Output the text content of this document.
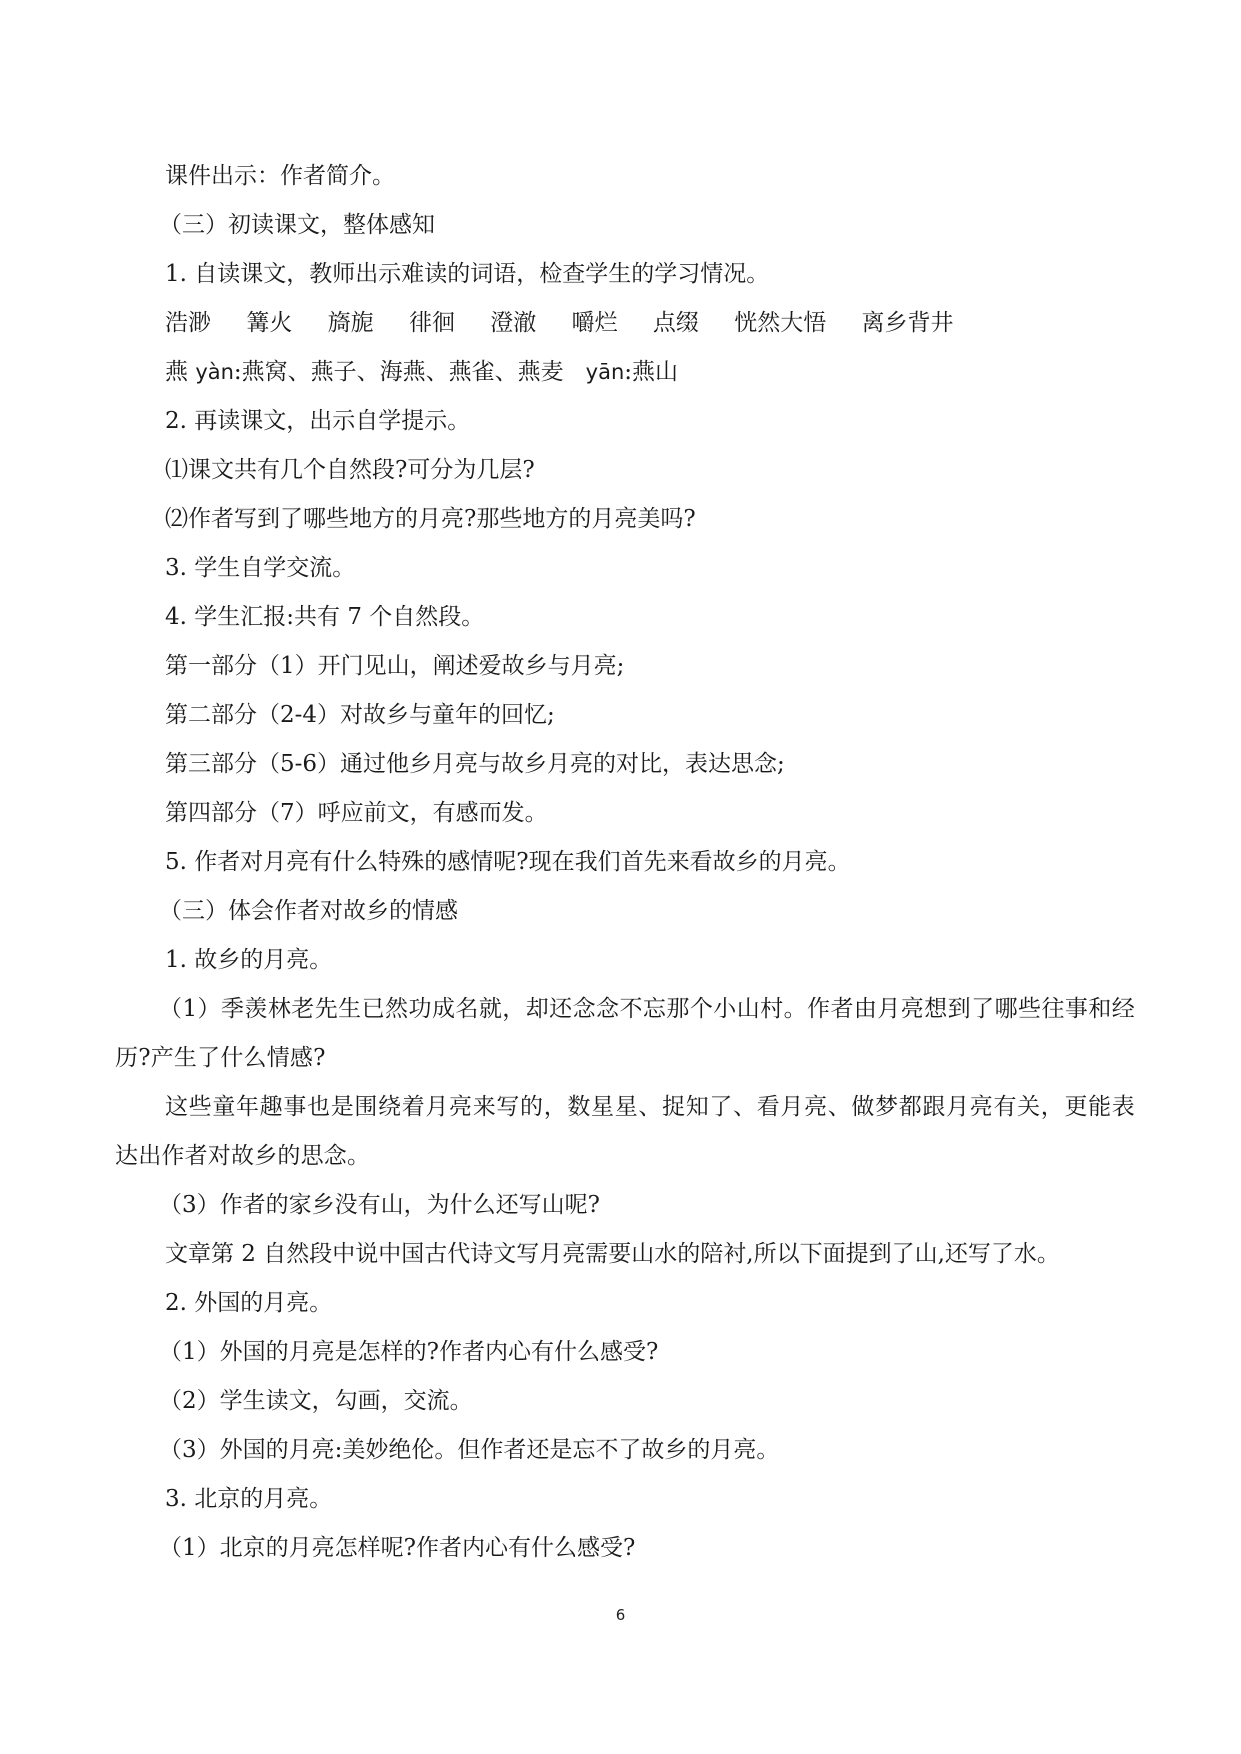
课件出示：作者简介。
（三）初读课文，整体感知
1. 自读课文，教师出示难读的词语，检查学生的学习情况。
浩渺 篝火 旖旎 徘徊 澄澈 嚼烂 点缀 恍然大悟 离乡背井
燕 yàn:燕窝、燕子、海燕、燕雀、燕麦 yān:燕山
2. 再读课文，出示自学提示。
⑴课文共有几个自然段?可分为几层?
⑵作者写到了哪些地方的月亮?那些地方的月亮美吗?
3. 学生自学交流。
4. 学生汇报:共有 7 个自然段。
第一部分（1）开门见山，阐述爱故乡与月亮;
第二部分（2-4）对故乡与童年的回忆;
第三部分（5-6）通过他乡月亮与故乡月亮的对比，表达思念;
第四部分（7）呼应前文，有感而发。
5. 作者对月亮有什么特殊的感情呢?现在我们首先来看故乡的月亮。
（三）体会作者对故乡的情感
1. 故乡的月亮。
（1）季羡林老先生已然功成名就，却还念念不忘那个小山村。作者由月亮想到了哪些往事和经历?产生了什么情感?
这些童年趣事也是围绕着月亮来写的，数星星、捉知了、看月亮、做梦都跟月亮有关，更能表达出作者对故乡的思念。
（3）作者的家乡没有山，为什么还写山呢?
文章第 2 自然段中说中国古代诗文写月亮需要山水的陪衬,所以下面提到了山,还写了水。
2. 外国的月亮。
（1）外国的月亮是怎样的?作者内心有什么感受?
（2）学生读文，勾画，交流。
（3）外国的月亮:美妙绝伦。但作者还是忘不了故乡的月亮。
3. 北京的月亮。
（1）北京的月亮怎样呢?作者内心有什么感受?
6
